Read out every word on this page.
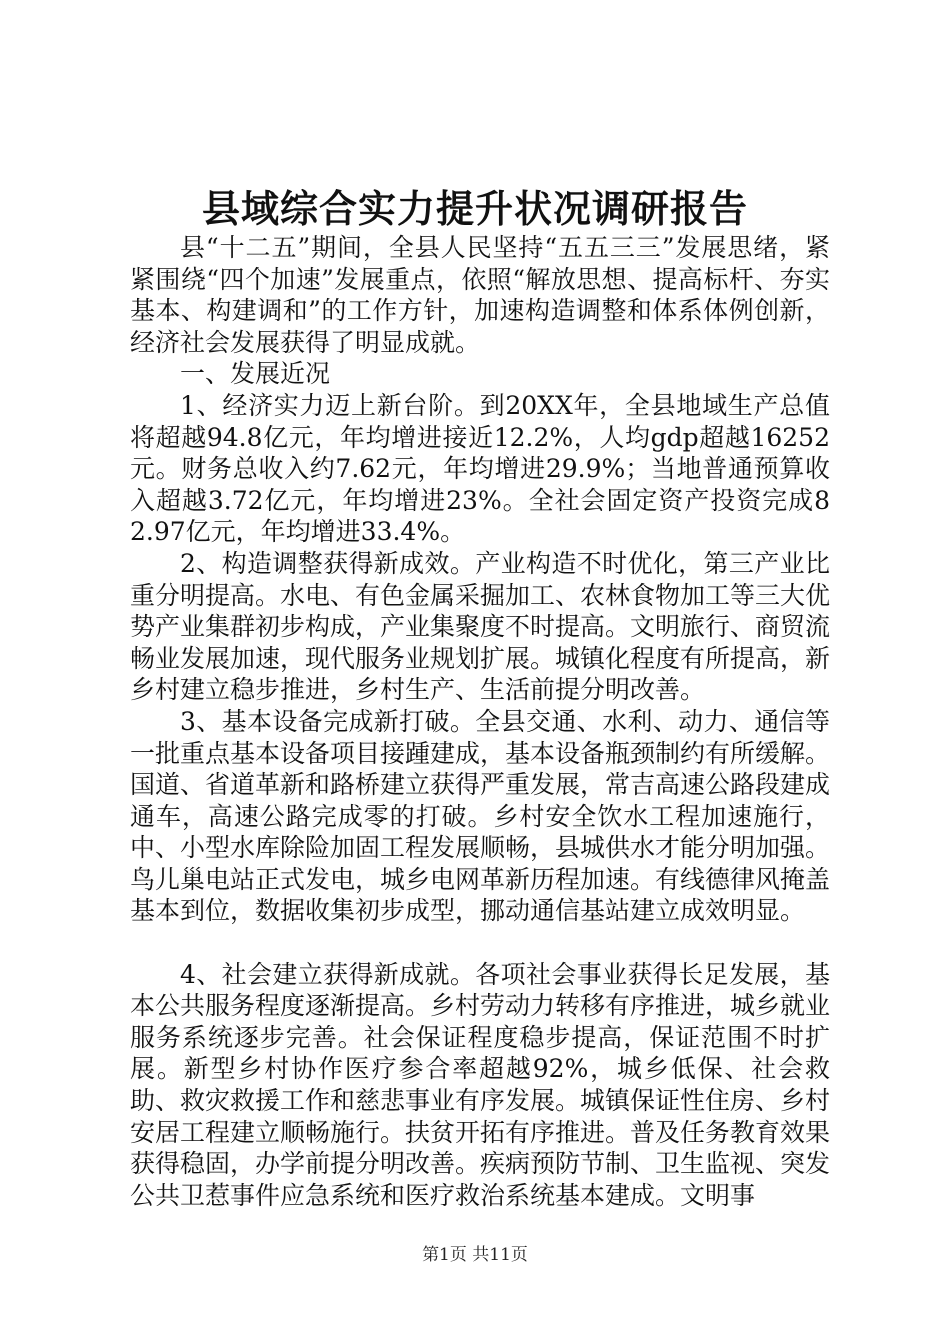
县域综合实力提升状况调研报告

县“十二五”期间，全县人民坚持“五五三三”发展思绪，紧紧围绕“四个加速”发展重点，依照“解放思想、提高标杆、夯实基本、构建调和”的工作方针，加速构造调整和体系体例创新，经济社会发展获得了明显成就。

一、发展近况

1、经济实力迈上新台阶。到20XX年，全县地域生产总值将超越94.8亿元，年均增进接近12.2%，人均gdp超越16252元。财务总收入约7.62元，年均增进29.9%；当地普通预算收入超越3.72亿元，年均增进23%。全社会固定资产投资完成82.97亿元，年均增进33.4%。

2、构造调整获得新成效。产业构造不时优化，第三产业比重分明提高。水电、有色金属采掘加工、农林食物加工等三大优势产业集群初步构成，产业集聚度不时提高。文明旅行、商贸流畅业发展加速，现代服务业规划扩展。城镇化程度有所提高，新乡村建立稳步推进，乡村生产、生活前提分明改善。

3、基本设备完成新打破。全县交通、水利、动力、通信等一批重点基本设备项目接踵建成，基本设备瓶颈制约有所缓解。国道、省道革新和路桥建立获得严重发展，常吉高速公路段建成通车，高速公路完成零的打破。乡村安全饮水工程加速施行，中、小型水库除险加固工程发展顺畅，县城供水才能分明加强。鸟儿巢电站正式发电，城乡电网革新历程加速。有线德律风掩盖基本到位，数据收集初步成型，挪动通信基站建立成效明显。

4、社会建立获得新成就。各项社会事业获得长足发展，基本公共服务程度逐渐提高。乡村劳动力转移有序推进，城乡就业服务系统逐步完善。社会保证程度稳步提高，保证范围不时扩展。新型乡村协作医疗参合率超越92%，城乡低保、社会救助、救灾救援工作和慈悲事业有序发展。城镇保证性住房、乡村安居工程建立顺畅施行。扶贫开拓有序推进。普及任务教育效果获得稳固，办学前提分明改善。疾病预防节制、卫生监视、突发公共卫惹事件应急系统和医疗救治系统基本建成。文明事

第1页 共11页
